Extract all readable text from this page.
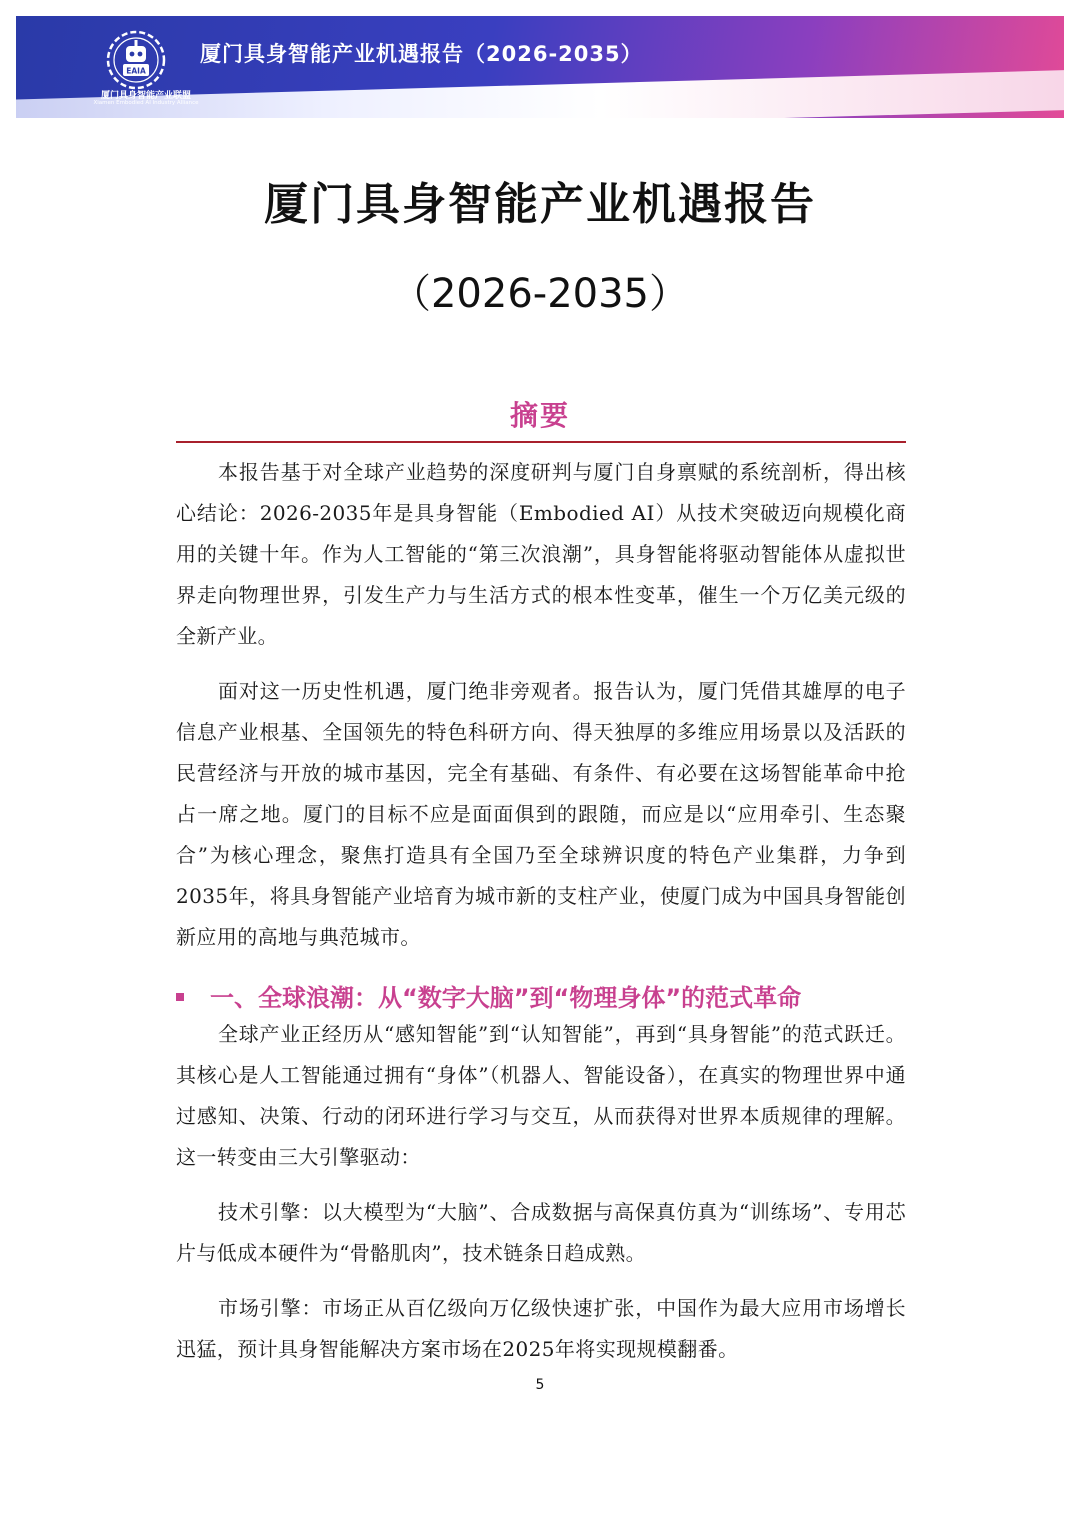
EAIA
厦门具身智能产业联盟
Xiamen Embodied AI Industry Alliance
厦门具身智能产业机遇报告（2026-2035）
厦门具身智能产业机遇报告
（2026-2035）
摘要

本报告基于对全球产业趋势的深度研判与厦门自身禀赋的系统剖析，得出核心结论：2026-2035年是具身智能（Embodied AI）从技术突破迈向规模化商用的关键十年。作为人工智能的“第三次浪潮”，具身智能将驱动智能体从虚拟世界走向物理世界，引发生产力与生活方式的根本性变革，催生一个万亿美元级的全新产业。

面对这一历史性机遇，厦门绝非旁观者。报告认为，厦门凭借其雄厚的电子信息产业根基、全国领先的特色科研方向、得天独厚的多维应用场景以及活跃的民营经济与开放的城市基因，完全有基础、有条件、有必要在这场智能革命中抢占一席之地。厦门的目标不应是面面俱到的跟随，而应是以“应用牵引、生态聚合”为核心理念，聚焦打造具有全国乃至全球辨识度的特色产业集群，力争到2035年，将具身智能产业培育为城市新的支柱产业，使厦门成为中国具身智能创新应用的高地与典范城市。

一、全球浪潮：从“数字大脑”到“物理身体”的范式革命

全球产业正经历从“感知智能”到“认知智能”，再到“具身智能”的范式跃迁。其核心是人工智能通过拥有“身体”（机器人、智能设备），在真实的物理世界中通过感知、决策、行动的闭环进行学习与交互，从而获得对世界本质规律的理解。这一转变由三大引擎驱动：

技术引擎：以大模型为“大脑”、合成数据与高保真仿真为“训练场”、专用芯片与低成本硬件为“骨骼肌肉”，技术链条日趋成熟。

市场引擎：市场正从百亿级向万亿级快速扩张，中国作为最大应用市场增长迅猛，预计具身智能解决方案市场在2025年将实现规模翻番。

5
